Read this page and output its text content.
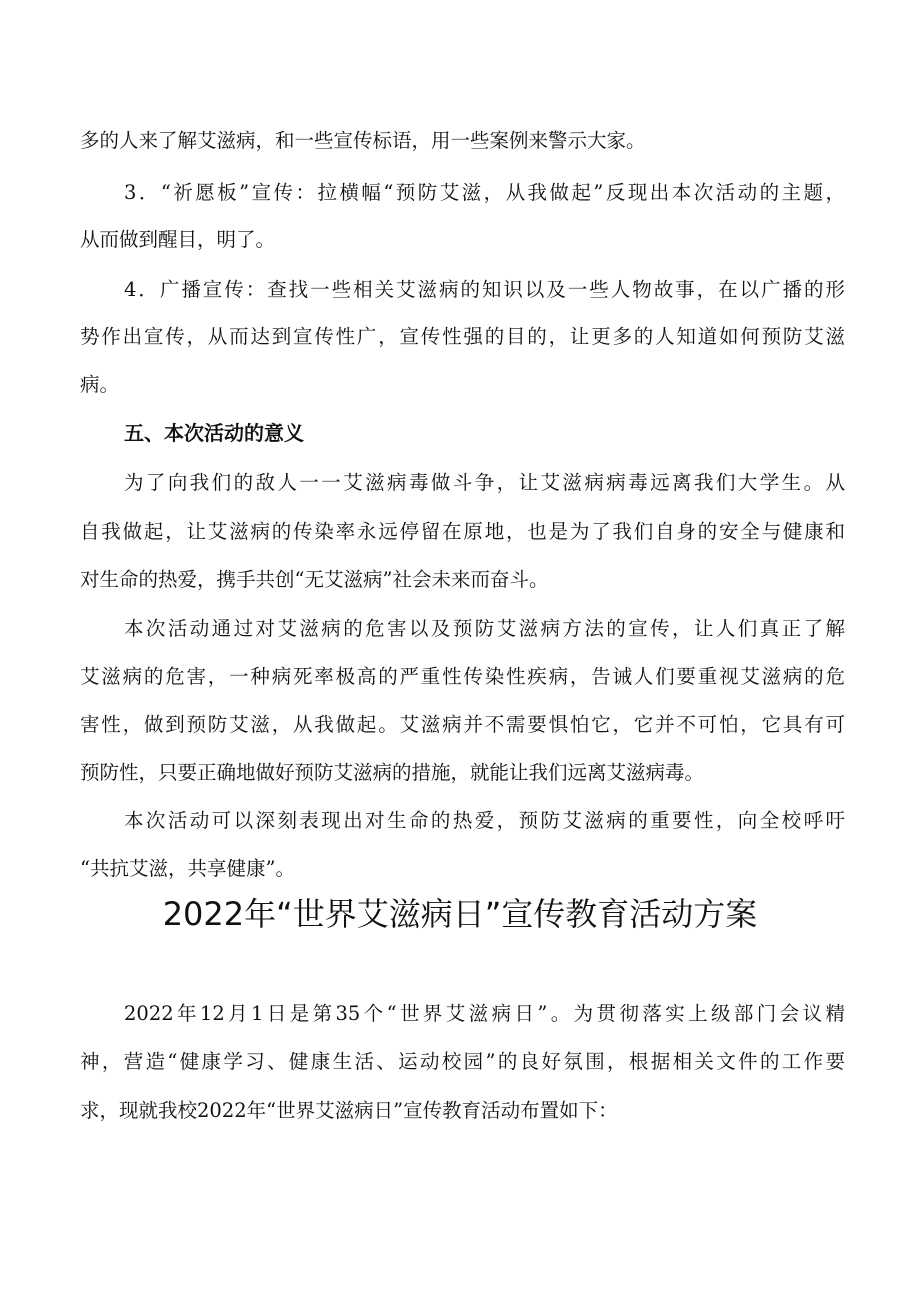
多的人来了解艾滋病，和一些宣传标语，用一些案例来警示大家。

3．“祈愿板”宣传：拉横幅“预防艾滋，从我做起”反现出本次活动的主题，

从而做到醒目，明了。

4．广播宣传：查找一些相关艾滋病的知识以及一些人物故事，在以广播的形

势作出宣传，从而达到宣传性广，宣传性强的目的，让更多的人知道如何预防艾滋

病。

五、本次活动的意义

为了向我们的敌人一一艾滋病毒做斗争，让艾滋病病毒远离我们大学生。从

自我做起，让艾滋病的传染率永远停留在原地，也是为了我们自身的安全与健康和

对生命的热爱，携手共创“无艾滋病”社会未来而奋斗。

本次活动通过对艾滋病的危害以及预防艾滋病方法的宣传，让人们真正了解

艾滋病的危害，一种病死率极高的严重性传染性疾病，告诫人们要重视艾滋病的危

害性，做到预防艾滋，从我做起。艾滋病并不需要惧怕它，它并不可怕，它具有可

预防性，只要正确地做好预防艾滋病的措施，就能让我们远离艾滋病毒。

本次活动可以深刻表现出对生命的热爱，预防艾滋病的重要性，向全校呼吁

“共抗艾滋，共享健康”。

2022年“世界艾滋病日”宣传教育活动方案

2022年12月1日是第35个“世界艾滋病日”。为贯彻落实上级部门会议精

神，营造“健康学习、健康生活、运动校园”的良好氛围，根据相关文件的工作要

求，现就我校2022年“世界艾滋病日”宣传教育活动布置如下：
